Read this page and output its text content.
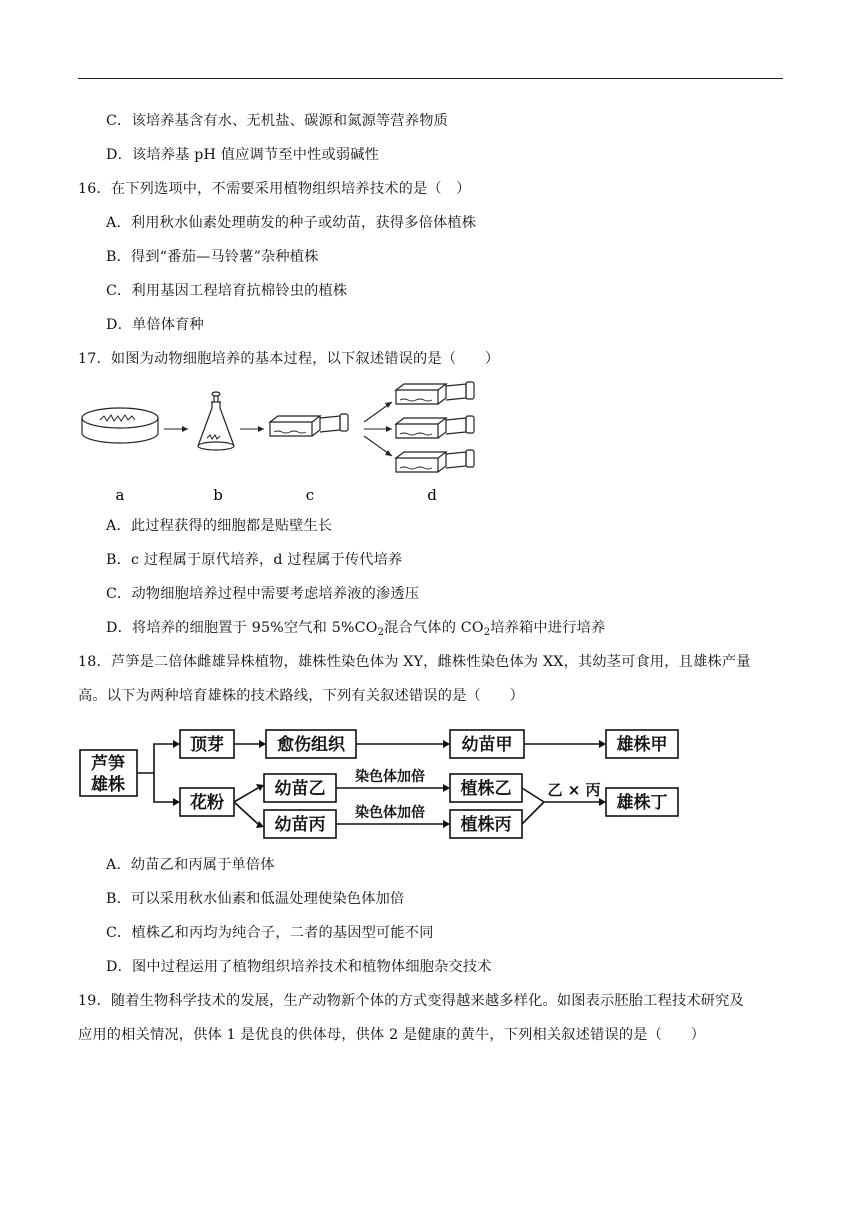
C．该培养基含有水、无机盐、碳源和氮源等营养物质
D．该培养基 pH 值应调节至中性或弱碱性
16．在下列选项中，不需要采用植物组织培养技术的是（　）
A．利用秋水仙素处理萌发的种子或幼苗，获得多倍体植株
B．得到“番茄—马铃薯”杂种植株
C．利用基因工程培育抗棉铃虫的植株
D．单倍体育种
17．如图为动物细胞培养的基本过程，以下叙述错误的是（　　）
a	b	c	d
A．此过程获得的细胞都是贴壁生长
B．c 过程属于原代培养，d 过程属于传代培养
C．动物细胞培养过程中需要考虑培养液的渗透压
D．将培养的细胞置于 95%空气和 $5\%CO_2$混合气体的 $CO_2$培养箱中进行培养
18．芦笋是二倍体雌雄异株植物，雄株性染色体为 XY，雌株性染色体为 XX，其幼茎可食用，且雄株产量
高。以下为两种培育雄株的技术路线，下列有关叙述错误的是（　　）
芦笋
雄株
顶芽	愈伤组织	幼苗甲	雄株甲
花粉
幼苗乙
幼苗丙
植株乙
植株丙
雄株丁
染色体加倍
染色体加倍
乙 × 丙
A．幼苗乙和丙属于单倍体
B．可以采用秋水仙素和低温处理使染色体加倍
C．植株乙和丙均为纯合子，二者的基因型可能不同
D．图中过程运用了植物组织培养技术和植物体细胞杂交技术
19．随着生物科学技术的发展，生产动物新个体的方式变得越来越多样化。如图表示胚胎工程技术研究及
应用的相关情况，供体 1 是优良的供体母，供体 2 是健康的黄牛，下列相关叙述错误的是（　　）
